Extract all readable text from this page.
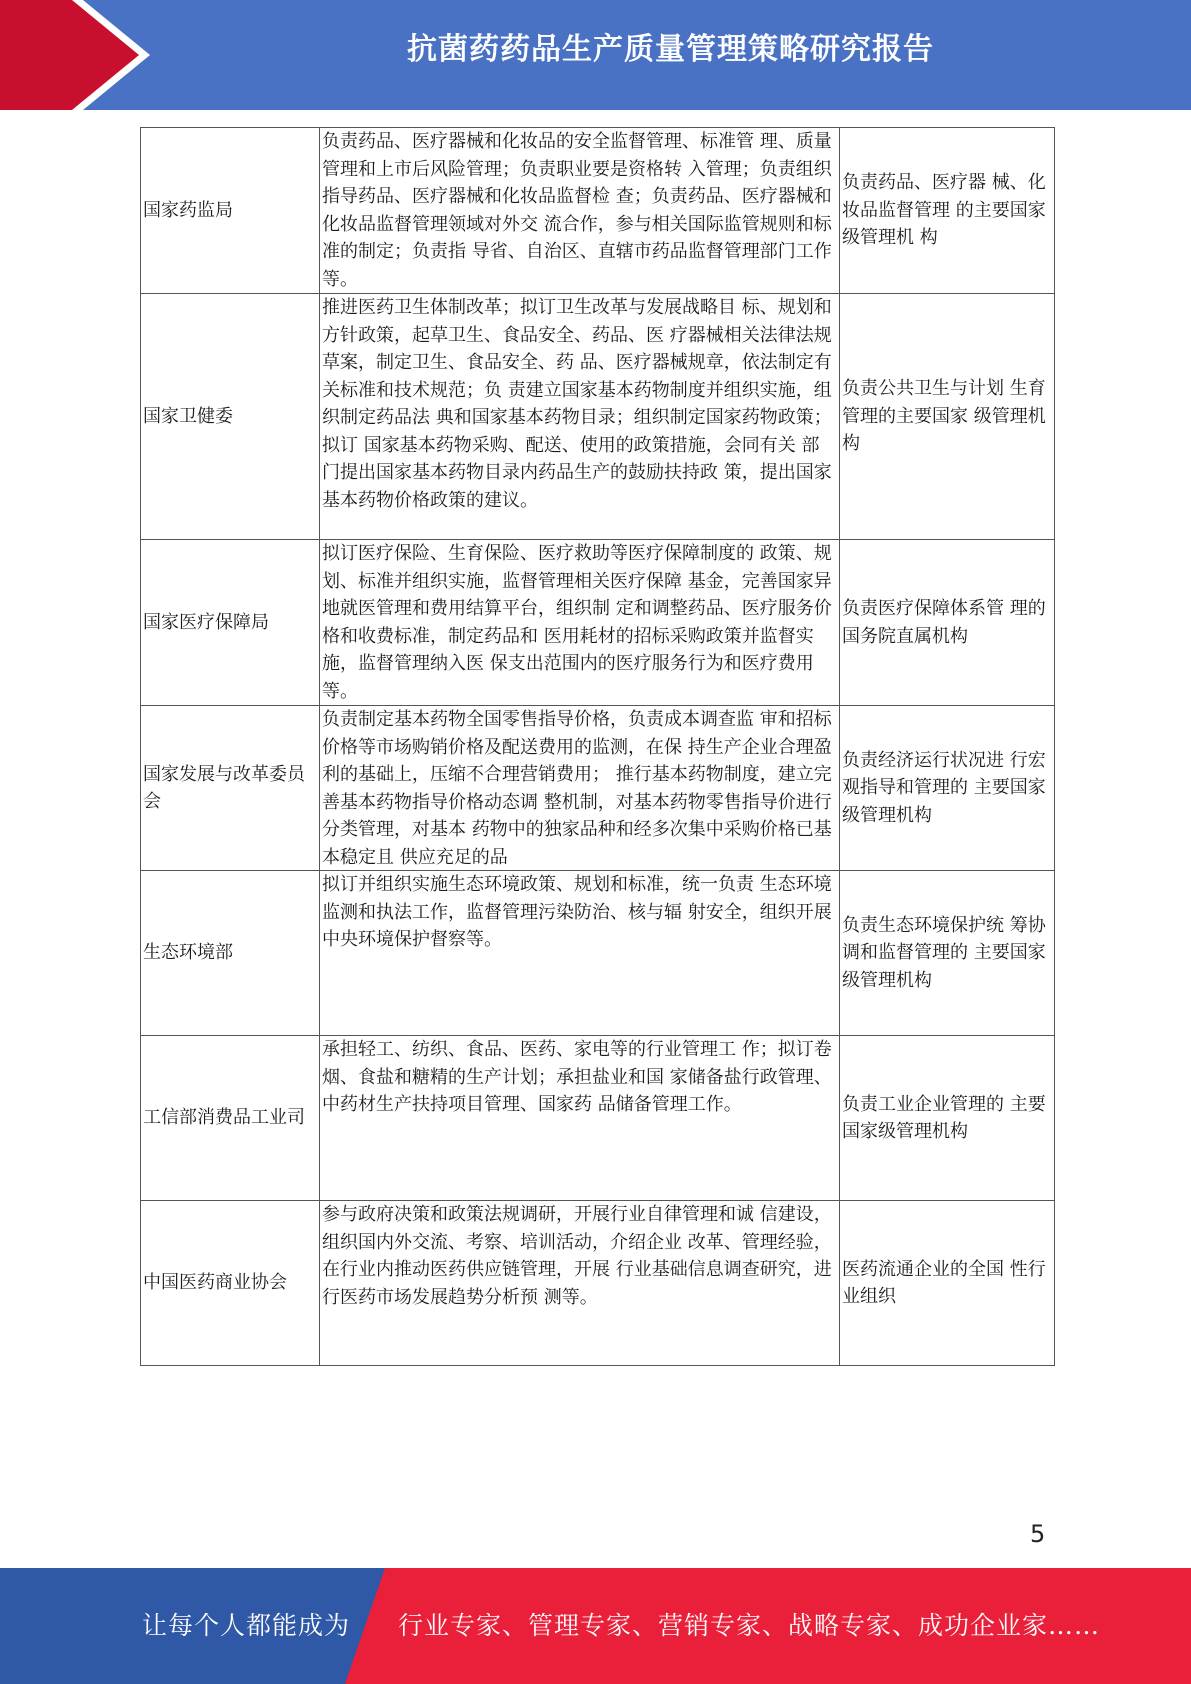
抗菌药药品生产质量管理策略研究报告
国家药监局	负责药品、医疗器械和化妆品的安全监督管理、标准管 理、质量管理和上市后风险管理；负责职业要是资格转 入管理；负责组织指导药品、医疗器械和化妆品监督检 查；负责药品、医疗器械和化妆品监督管理领域对外交 流合作，参与相关国际监管规则和标准的制定；负责指 导省、自治区、直辖市药品监督管理部门工作等。	负责药品、医疗器 械、化妆品监督管理 的主要国家级管理机 构
国家卫健委	推进医药卫生体制改革；拟订卫生改革与发展战略目 标、规划和方针政策，起草卫生、食品安全、药品、医 疗器械相关法律法规草案，制定卫生、食品安全、药 品、医疗器械规章，依法制定有关标准和技术规范；负 责建立国家基本药物制度并组织实施，组织制定药品法 典和国家基本药物目录；组织制定国家药物政策；拟订 国家基本药物采购、配送、使用的政策措施，会同有关 部门提出国家基本药物目录内药品生产的鼓励扶持政 策，提出国家基本药物价格政策的建议。	负责公共卫生与计划 生育管理的主要国家 级管理机构
国家医疗保障局	拟订医疗保险、生育保险、医疗救助等医疗保障制度的 政策、规划、标准并组织实施，监督管理相关医疗保障 基金，完善国家异地就医管理和费用结算平台，组织制 定和调整药品、医疗服务价格和收费标准，制定药品和 医用耗材的招标采购政策并监督实施，监督管理纳入医 保支出范围内的医疗服务行为和医疗费用等。	负责医疗保障体系管 理的国务院直属机构
国家发展与改革委员会	负责制定基本药物全国零售指导价格，负责成本调查监 审和招标价格等市场购销价格及配送费用的监测，在保 持生产企业合理盈利的基础上，压缩不合理营销费用； 推行基本药物制度，建立完善基本药物指导价格动态调 整机制，对基本药物零售指导价进行分类管理，对基本 药物中的独家品种和经多次集中采购价格已基本稳定且 供应充足的品	负责经济运行状况进 行宏观指导和管理的 主要国家级管理机构
生态环境部	拟订并组织实施生态环境政策、规划和标准，统一负责 生态环境监测和执法工作，监督管理污染防治、核与辐 射安全，组织开展中央环境保护督察等。	负责生态环境保护统 筹协调和监督管理的 主要国家级管理机构
工信部消费品工业司	承担轻工、纺织、食品、医药、家电等的行业管理工 作；拟订卷烟、食盐和糖精的生产计划；承担盐业和国 家储备盐行政管理、中药材生产扶持项目管理、国家药 品储备管理工作。	负责工业企业管理的 主要国家级管理机构
中国医药商业协会	参与政府决策和政策法规调研，开展行业自律管理和诚 信建设，组织国内外交流、考察、培训活动，介绍企业 改革、管理经验，在行业内推动医药供应链管理，开展 行业基础信息调查研究，进行医药市场发展趋势分析预 测等。	医药流通企业的全国 性行业组织
5
让每个人都能成为 行业专家、管理专家、营销专家、战略专家、成功企业家……
